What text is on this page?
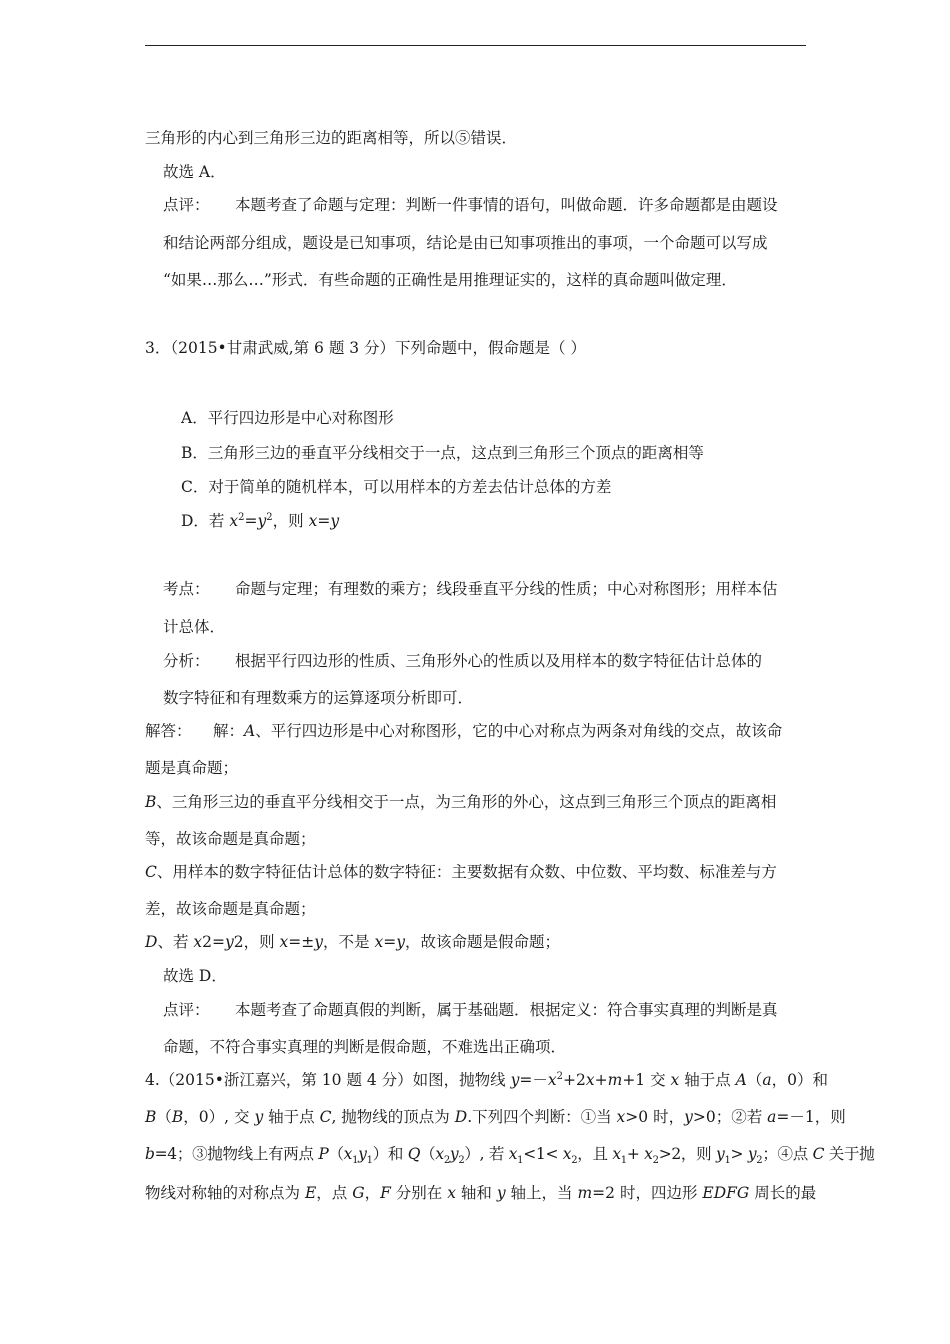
三角形的内心到三角形三边的距离相等，所以⑤错误．
故选 A．
点评： 本题考查了命题与定理：判断一件事情的语句，叫做命题．许多命题都是由题设
和结论两部分组成，题设是已知事项，结论是由已知事项推出的事项，一个命题可以写成
“如果…那么…”形式．有些命题的正确性是用推理证实的，这样的真命题叫做定理．
3．（2015•甘肃武威,第 6 题 3 分）下列命题中，假命题是（ ）
A．平行四边形是中心对称图形
B．三角形三边的垂直平分线相交于一点，这点到三角形三个顶点的距离相等
C．对于简单的随机样本，可以用样本的方差去估计总体的方差
D．若 $x^2=y^2$，则 x=y
考点： 命题与定理；有理数的乘方；线段垂直平分线的性质；中心对称图形；用样本估
计总体．
分析： 根据平行四边形的性质、三角形外心的性质以及用样本的数字特征估计总体的
数字特征和有理数乘方的运算逐项分析即可．
解答： 解：A、平行四边形是中心对称图形，它的中心对称点为两条对角线的交点，故该命
题是真命题；
B、三角形三边的垂直平分线相交于一点，为三角形的外心，这点到三角形三个顶点的距离相
等，故该命题是真命题；
C、用样本的数字特征估计总体的数字特征：主要数据有众数、中位数、平均数、标准差与方
差，故该命题是真命题；
D、若 x2=y2，则 x=±y，不是 x=y，故该命题是假命题；
故选 D．
点评： 本题考查了命题真假的判断，属于基础题．根据定义：符合事实真理的判断是真
命题，不符合事实真理的判断是假命题，不难选出正确项．
4.（2015•浙江嘉兴，第 10 题 4 分）如图，抛物线 $y=-x^2+2x+m+1$ 交 x 轴于点 A（a，0）和
B（B，0）, 交 y 轴于点 C, 抛物线的顶点为 D.下列四个判断：①当 x>0 时，y>0；②若 a=－1，则
b=4；③抛物线上有两点 $P(x_1y_1)$和 $Q(x_2y_2)$, 若 $x_1<1< x_2$，且 $x_1+ x_2>2$，则 $y_1> y_2$；④点 C 关于抛
物线对称轴的对称点为 E，点 G，F 分别在 x 轴和 y 轴上，当 m=2 时，四边形 EDFG 周长的最
